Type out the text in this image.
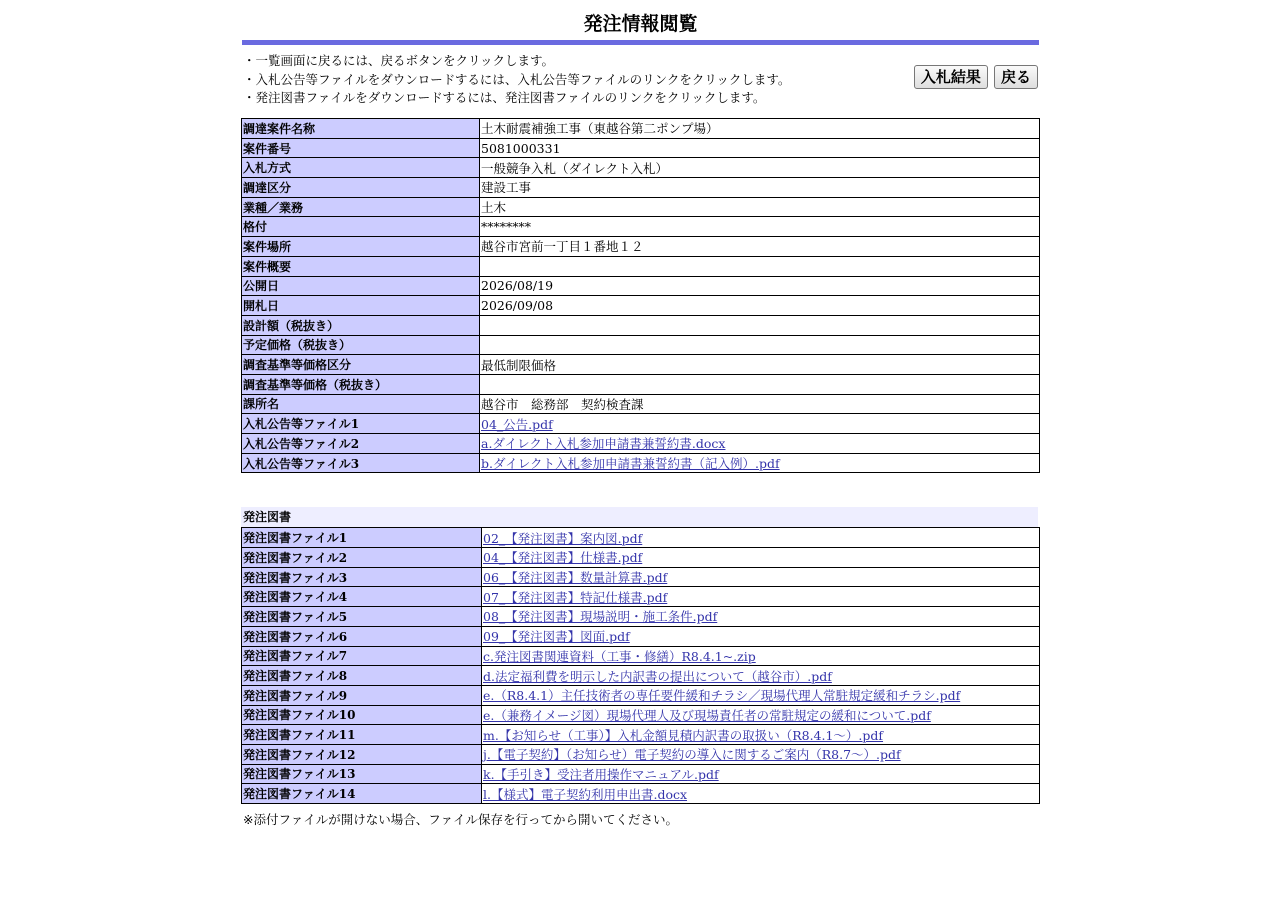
発注情報閲覧
・一覧画面に戻るには、戻るボタンをクリックします。
・入札公告等ファイルをダウンロードするには、入札公告等ファイルのリンクをクリックします。
・発注図書ファイルをダウンロードするには、発注図書ファイルのリンクをクリックします。
入札結果 戻る
調達案件名称	土木耐震補強工事（東越谷第二ポンプ場）
案件番号	5081000331
入札方式	一般競争入札（ダイレクト入札）
調達区分	建設工事
業種／業務	土木
格付	********
案件場所	越谷市宮前一丁目１番地１２
案件概要	
公開日	2026/08/19
開札日	2026/09/08
設計額（税抜き）	
予定価格（税抜き）	
調査基準等価格区分	最低制限価格
調査基準等価格（税抜き）	
課所名	越谷市　総務部　契約検査課
入札公告等ファイル1	04_公告.pdf
入札公告等ファイル2	a.ダイレクト入札参加申請書兼誓約書.docx
入札公告等ファイル3	b.ダイレクト入札参加申請書兼誓約書（記入例）.pdf
発注図書
発注図書ファイル1	02_【発注図書】案内図.pdf
発注図書ファイル2	04_【発注図書】仕様書.pdf
発注図書ファイル3	06_【発注図書】数量計算書.pdf
発注図書ファイル4	07_【発注図書】特記仕様書.pdf
発注図書ファイル5	08_【発注図書】現場説明・施工条件.pdf
発注図書ファイル6	09_【発注図書】図面.pdf
発注図書ファイル7	c.発注図書関連資料（工事・修繕）R8.4.1~.zip
発注図書ファイル8	d.法定福利費を明示した内訳書の提出について（越谷市）.pdf
発注図書ファイル9	e.（R8.4.1）主任技術者の専任要件緩和チラシ／現場代理人常駐規定緩和チラシ.pdf
発注図書ファイル10	e.（兼務イメージ図）現場代理人及び現場責任者の常駐規定の緩和について.pdf
発注図書ファイル11	m.【お知らせ（工事）】入札金額見積内訳書の取扱い（R8.4.1～）.pdf
発注図書ファイル12	j.【電子契約】（お知らせ）電子契約の導入に関するご案内（R8.7～）.pdf
発注図書ファイル13	k.【手引き】受注者用操作マニュアル.pdf
発注図書ファイル14	l.【様式】電子契約利用申出書.docx
※添付ファイルが開けない場合、ファイル保存を行ってから開いてください。
